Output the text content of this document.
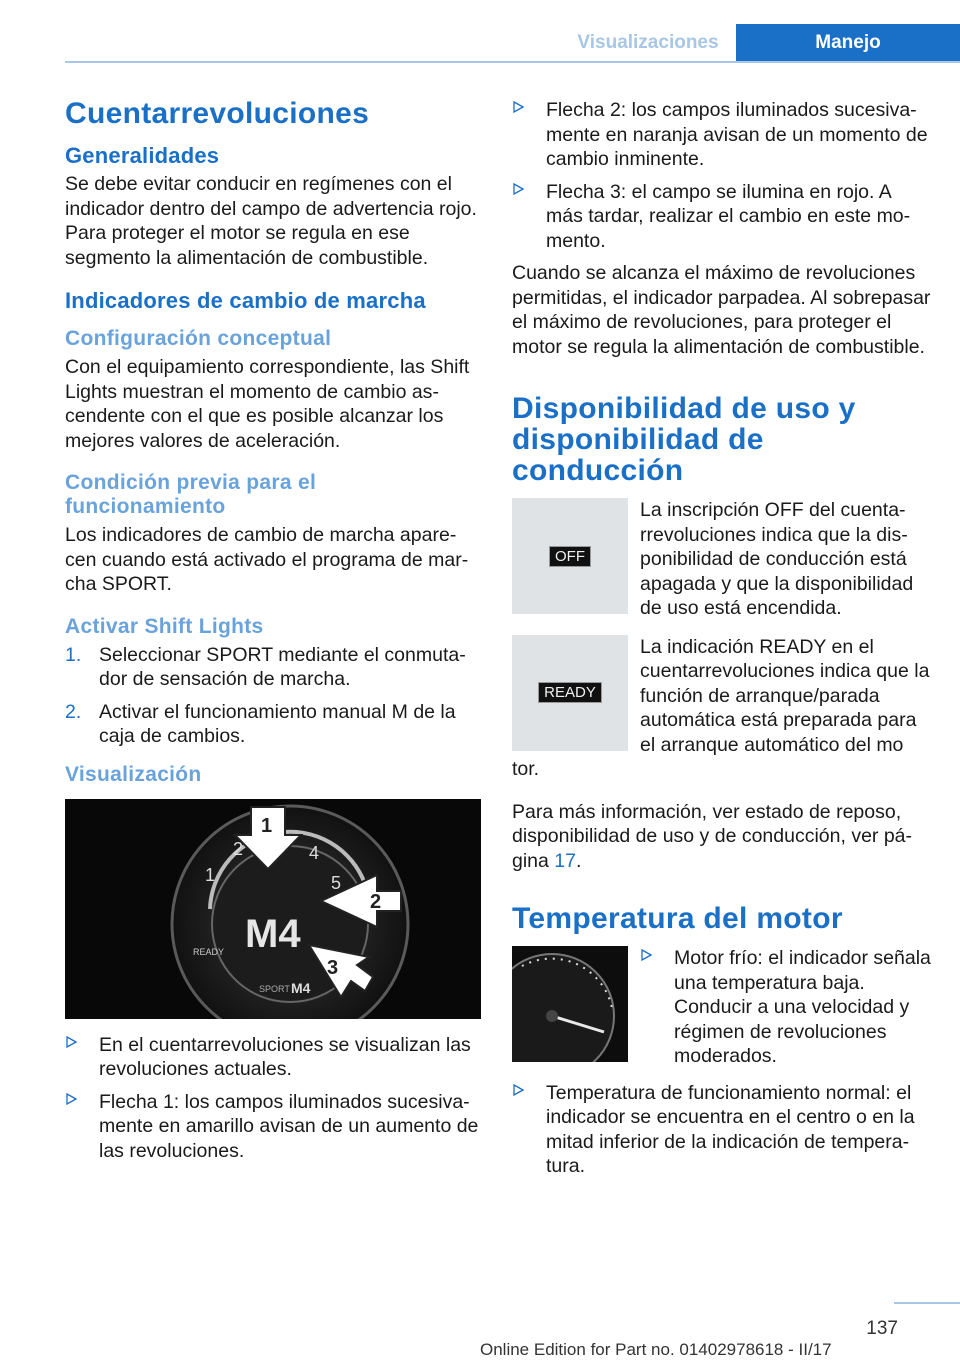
Visualizaciones	Manejo
Cuentarrevoluciones
Generalidades

Se debe evitar conducir en regímenes con el indicador dentro del campo de advertencia rojo. Para proteger el motor se regula en ese segmento la alimentación de combustible.

Indicadores de cambio de marcha
Configuración conceptual

Con el equipamiento correspondiente, las Shift Lights muestran el momento de cambio ascendente con el que es posible alcanzar los mejores valores de aceleración.

Condición previa para el funcionamiento

Los indicadores de cambio de marcha aparecen cuando está activado el programa de marcha SPORT.

Activar Shift Lights
1. Seleccionar SPORT mediante el conmutador de sensación de marcha.
2. Activar el funcionamiento manual M de la caja de cambios.
Visualización
1
2	4
5
READY M4
SPORT M4
1
2
3
En el cuentarrevoluciones se visualizan las revoluciones actuales.
Flecha 1: los campos iluminados sucesivamente en amarillo avisan de un aumento de las revoluciones.
Flecha 2: los campos iluminados sucesivamente en naranja avisan de un momento de cambio inminente.
Flecha 3: el campo se ilumina en rojo. A más tardar, realizar el cambio en este momento.

Cuando se alcanza el máximo de revoluciones permitidas, el indicador parpadea. Al sobrepasar el máximo de revoluciones, para proteger el motor se regula la alimentación de combustible.

Disponibilidad de uso y disponibilidad de conducción
OFF

La inscripción OFF del cuentarrevoluciones indica que la disponibilidad de conducción está apagada y que la disponibilidad de uso está encendida.

READY

La indicación READY en el cuentarrevoluciones indica que la función de arranque/parada automática está preparada para el arranque automático del mo

tor.

Para más información, ver estado de reposo, disponibilidad de uso y de conducción, ver página 17.

Temperatura del motor
Motor frío: el indicador señala una temperatura baja. Conducir a una velocidad y régimen de revoluciones moderados.
Temperatura de funcionamiento normal: el indicador se encuentra en el centro o en la mitad inferior de la indicación de temperatura.
137
Online Edition for Part no. 01402978618 - II/17
